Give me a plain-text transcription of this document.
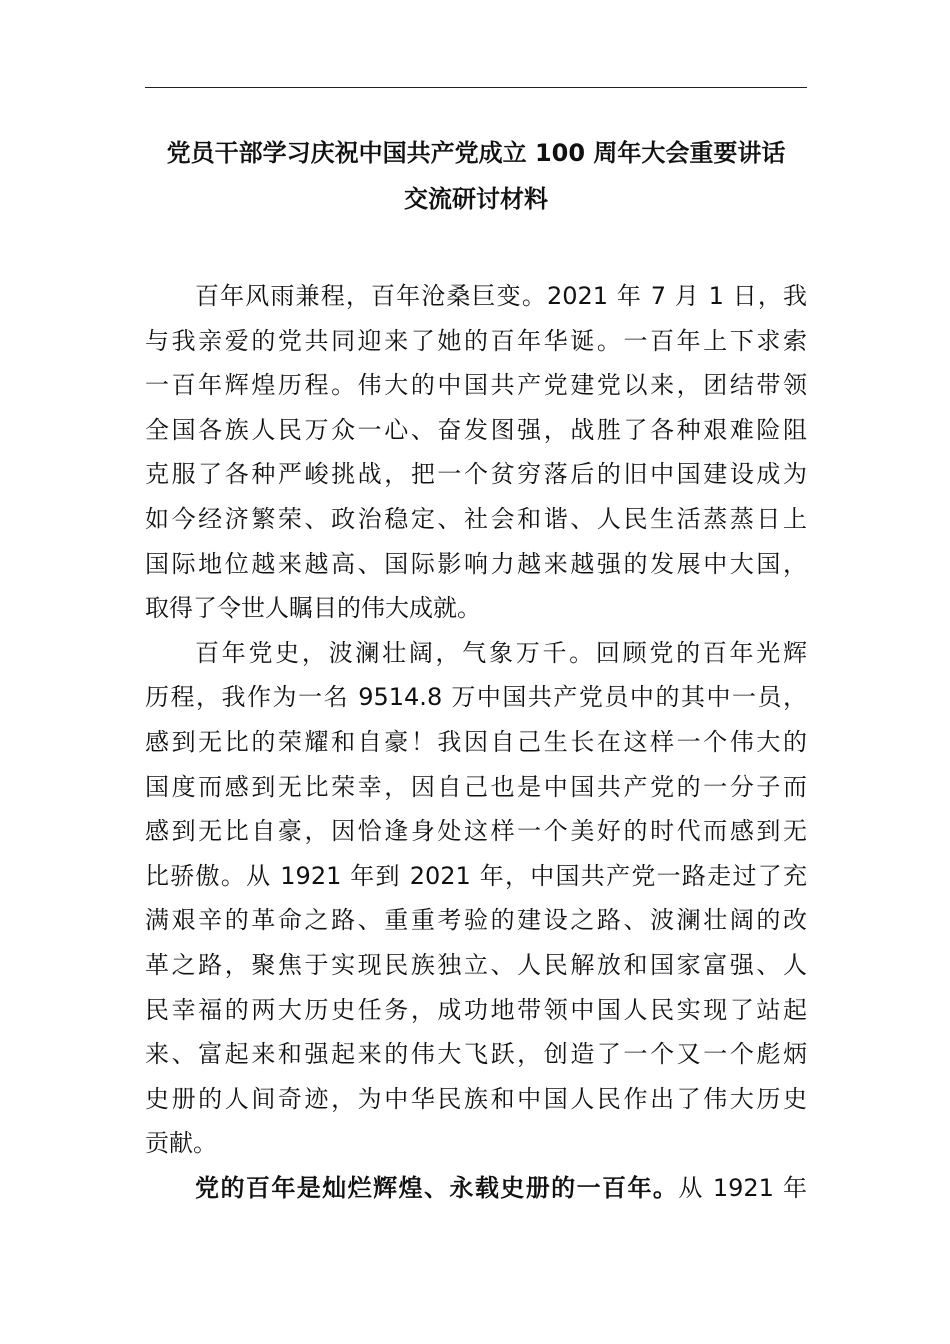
党员干部学习庆祝中国共产党成立 100 周年大会重要讲话
交流研讨材料
百年风雨兼程，百年沧桑巨变。2021 年 7 月 1 日，我
与我亲爱的党共同迎来了她的百年华诞。一百年上下求索
一百年辉煌历程。伟大的中国共产党建党以来，团结带领
全国各族人民万众一心、奋发图强，战胜了各种艰难险阻
克服了各种严峻挑战，把一个贫穷落后的旧中国建设成为
如今经济繁荣、政治稳定、社会和谐、人民生活蒸蒸日上
国际地位越来越高、国际影响力越来越强的发展中大国，
取得了令世人瞩目的伟大成就。
百年党史，波澜壮阔，气象万千。回顾党的百年光辉
历程，我作为一名 9514.8 万中国共产党员中的其中一员，
感到无比的荣耀和自豪！我因自己生长在这样一个伟大的
国度而感到无比荣幸，因自己也是中国共产党的一分子而
感到无比自豪，因恰逢身处这样一个美好的时代而感到无
比骄傲。从 1921 年到 2021 年，中国共产党一路走过了充
满艰辛的革命之路、重重考验的建设之路、波澜壮阔的改
革之路，聚焦于实现民族独立、人民解放和国家富强、人
民幸福的两大历史任务，成功地带领中国人民实现了站起
来、富起来和强起来的伟大飞跃，创造了一个又一个彪炳
史册的人间奇迹，为中华民族和中国人民作出了伟大历史
贡献。
党的百年是灿烂辉煌、永载史册的一百年。从 1921 年
